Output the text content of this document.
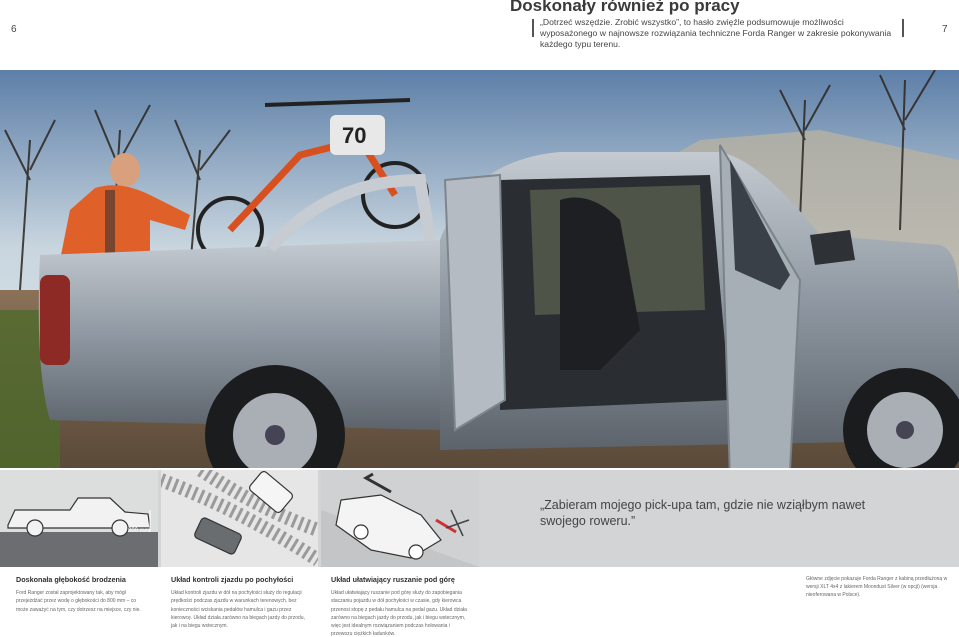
6	7
Doskonały również po pracy
„Dotrzeć wszędzie. Zrobić wszystko”, to hasło zwięźle podsumowuje możliwości wyposażonego w najnowsze rozwiązania techniczne Forda Ranger w zakresie pokonywania każdego typu terenu.
70
800 mm
„Zabieram mojego pick-upa tam, gdzie nie wziąłbym nawet swojego roweru.”
Doskonała głębokość brodzenia

Ford Ranger został zaprojektowany tak, aby mógł przejeżdżać przez wodę o głębokości do 800 mm – co może zaważyć na tym, czy dotrzesz na miejsce, czy nie.

Układ kontroli zjazdu po pochyłości

Układ kontroli zjazdu w dół na pochyłości służy do regulacji prędkości podczas zjazdu w warunkach terenowych, bez konieczności wciskania pedałów hamulca i gazu przez kierowcę. Układ działa zarówno na biegach jazdy do przodu, jak i na biegu wstecznym.

Układ ułatwiający ruszanie pod górę

Układ ułatwiający ruszanie pod górę służy do zapobiegania staczaniu pojazdu w dół pochyłości w czasie, gdy kierowca przenosi stopę z pedału hamulca na pedał gazu. Układ działa zarówno na biegach jazdy do przodu, jak i biegu wstecznym, więc jest idealnym rozwiązaniem podczas holowania i przewozu ciężkich ładunków.

Główne zdjęcie pokazuje Forda Ranger z kabiną przedłużoną w wersji XLT 4x4 z lakierem Moondust Silver (w opcji) (wersja nieoferowana w Polsce).
